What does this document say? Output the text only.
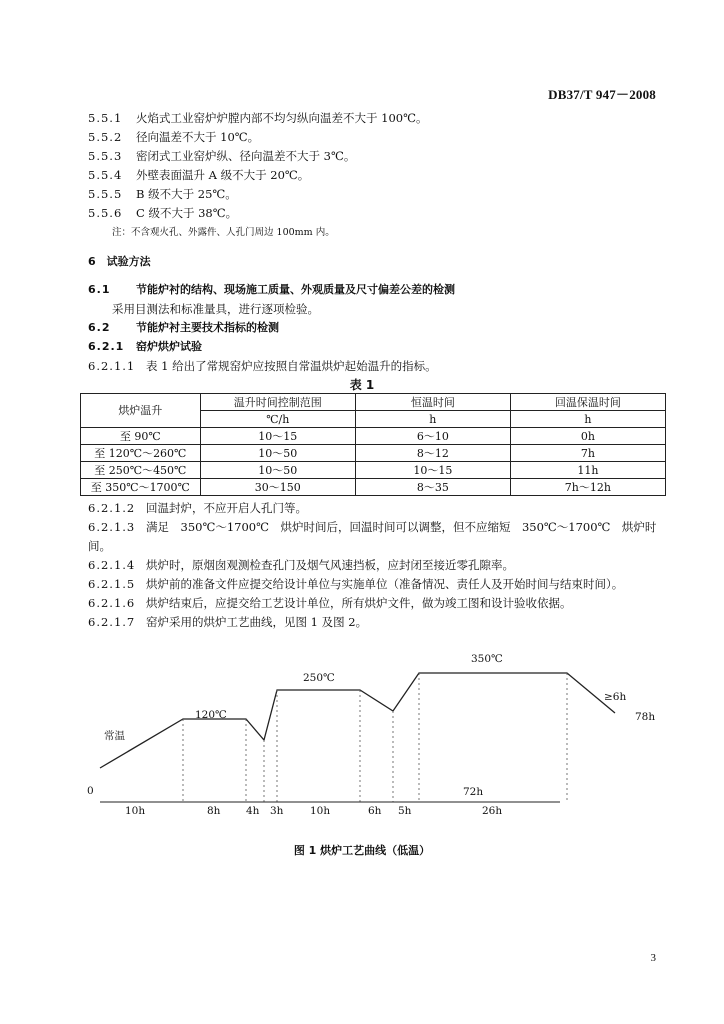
DB37/T 947－2008
5.5.1 火焰式工业窑炉炉膛内部不均匀纵向温差不大于 100℃。
5.5.2 径向温差不大于 10℃。
5.5.3 密闭式工业窑炉纵、径向温差不大于 3℃。
5.5.4 外壁表面温升 A 级不大于 20℃。
5.5.5 B 级不大于 25℃。
5.5.6 C 级不大于 38℃。
注：不含观火孔、外露件、人孔门周边 100mm 内。
6　试验方法
6.1 节能炉衬的结构、现场施工质量、外观质量及尺寸偏差公差的检测
采用目测法和标准量具，进行逐项检验。
6.2 节能炉衬主要技术指标的检测
6.2.1 窑炉烘炉试验
6.2.1.1 表 1 给出了常规窑炉应按照自常温烘炉起始温升的指标。
表 1
烘炉温升	温升时间控制范围	恒温时间	回温保温时间
	℃/h	h	h
至 90℃	10～15	6～10	0h
至 120℃～260℃	10～50	8～12	7h
至 250℃～450℃	10～50	10～15	11h
至 350℃～1700℃	30～150	8～35	7h～12h
6.2.1.2 回温封炉，不应开启人孔门等。
6.2.1.3 满足　350℃～1700℃　烘炉时间后，回温时间可以调整，但不应缩短　350℃～1700℃　烘炉时
间。
6.2.1.4 烘炉时，原烟囱观测检查孔门及烟气风速挡板，应封闭至接近零孔隙率。
6.2.1.5 烘炉前的准备文件应提交给设计单位与实施单位（准备情况、责任人及开始时间与结束时间）。
6.2.1.6 烘炉结束后，应提交给工艺设计单位，所有烘炉文件，做为竣工图和设计验收依据。
6.2.1.7 窑炉采用的烘炉工艺曲线，见图 1 及图 2。
常温
120℃
250℃
350℃
0	72h
≥6h
78h
10h	8h 4h 3h	10h	6h 5h	26h
图 1 烘炉工艺曲线（低温）
3
